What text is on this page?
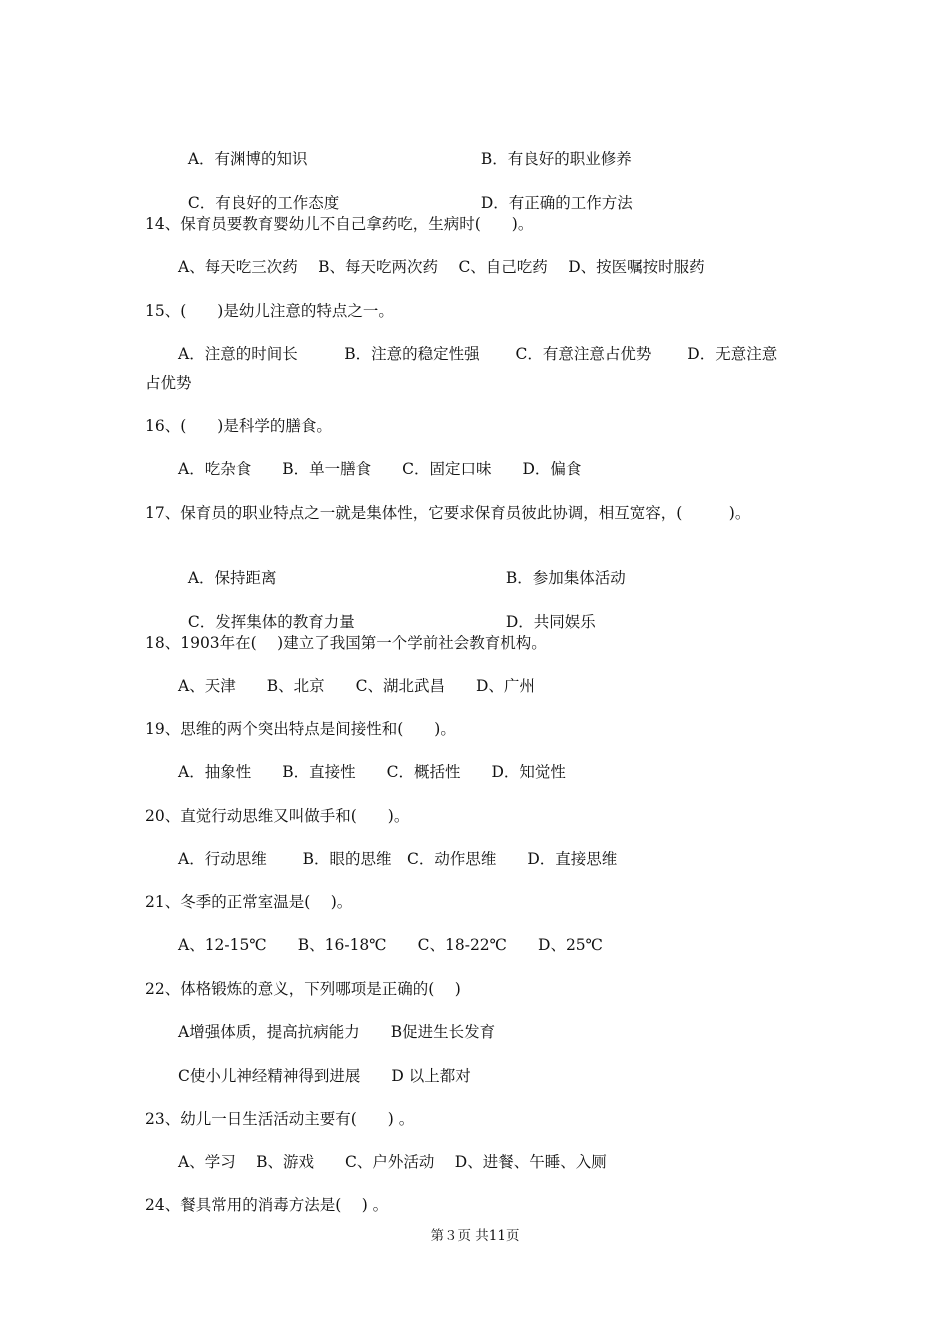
A．有渊博的知识	B．有良好的职业修养

C．有良好的工作态度	D．有正确的工作方法

14、保育员要教育婴幼儿不自己拿药吃，生病时(　　)。
A、每天吃三次药　 B、每天吃两次药　 C、自己吃药　 D、按医嘱按时服药
15、(　　)是幼儿注意的特点之一。
A．注意的时间长　　　B．注意的稳定性强　　 C．有意注意占优势　　 D．无意注意
占优势
16、(　　)是科学的膳食。
A．吃杂食　　B．单一膳食　　C．固定口味　　D．偏食
17、保育员的职业特点之一就是集体性，它要求保育员彼此协调，相互宽容，(　　　)。

A．保持距离	B．参加集体活动

C．发挥集体的教育力量	D．共同娱乐

18、1903年在(　 )建立了我国第一个学前社会教育机构。
A、天津　　B、北京　　C、湖北武昌　　D、广州
19、思维的两个突出特点是间接性和(　　)。
A．抽象性　　B．直接性　　C．概括性　　D．知觉性
20、直觉行动思维又叫做手和(　　)。
A．行动思维　　 B．眼的思维　C．动作思维　　D．直接思维
21、冬季的正常室温是(　 )。
A、12-15℃　　B、16-18℃　　C、18-22℃　　D、25℃
22、体格锻炼的意义，下列哪项是正确的(　 )
A增强体质，提高抗病能力　　B促进生长发育
C使小儿神经精神得到进展　　D 以上都对
23、幼儿一日生活活动主要有(　　) 。
A、学习　 B、游戏　　C、户外活动　 D、进餐、午睡、入厕
24、餐具常用的消毒方法是(　 ) 。
第３页 共11页
